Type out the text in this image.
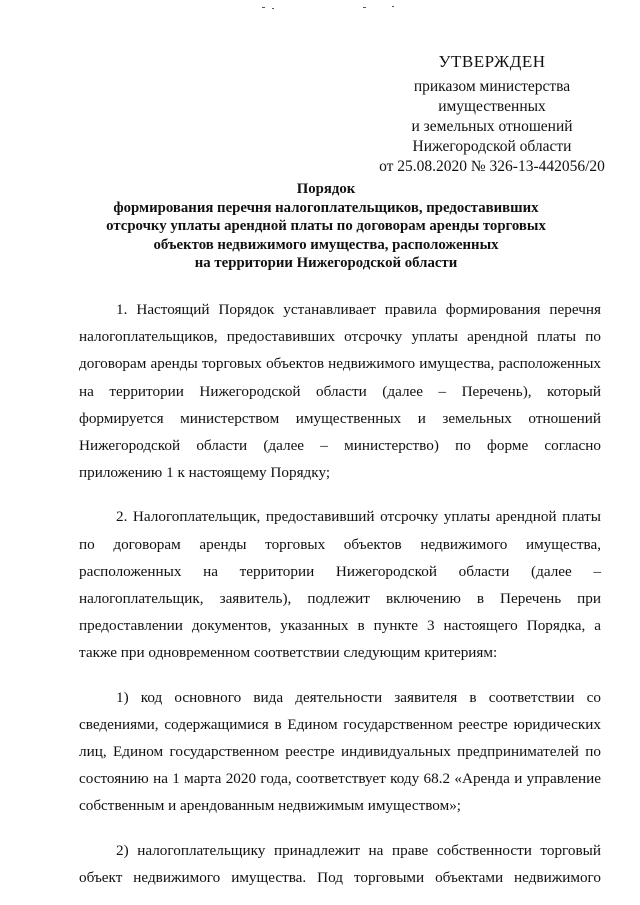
УТВЕРЖДЕН
приказом министерства
имущественных
и земельных отношений
Нижегородской области
от 25.08.2020 № 326-13-442056/20
Порядок
формирования перечня налогоплательщиков, предоставивших
отсрочку уплаты арендной платы по договорам аренды торговых
объектов недвижимого имущества, расположенных
на территории Нижегородской области

1. Настоящий Порядок устанавливает правила формирования перечня налогоплательщиков, предоставивших отсрочку уплаты арендной платы по договорам аренды торговых объектов недвижимого имущества, расположенных на территории Нижегородской области (далее – Перечень), который формируется министерством имущественных и земельных отношений Нижегородской области (далее – министерство) по форме согласно приложению 1 к настоящему Порядку;

2. Налогоплательщик, предоставивший отсрочку уплаты арендной платы по договорам аренды торговых объектов недвижимого имущества, расположенных на территории Нижегородской области (далее – налогоплательщик, заявитель), подлежит включению в Перечень при предоставлении документов, указанных в пункте 3 настоящего Порядка, а также при одновременном соответствии следующим критериям:

1) код основного вида деятельности заявителя в соответствии со сведениями, содержащимися в Едином государственном реестре юридических лиц, Едином государственном реестре индивидуальных предпринимателей по состоянию на 1 марта 2020 года, соответствует коду 68.2 «Аренда и управление собственным и арендованным недвижимым имуществом»;

2) налогоплательщику принадлежит на праве собственности торговый объект недвижимого имущества. Под торговыми объектами недвижимого
